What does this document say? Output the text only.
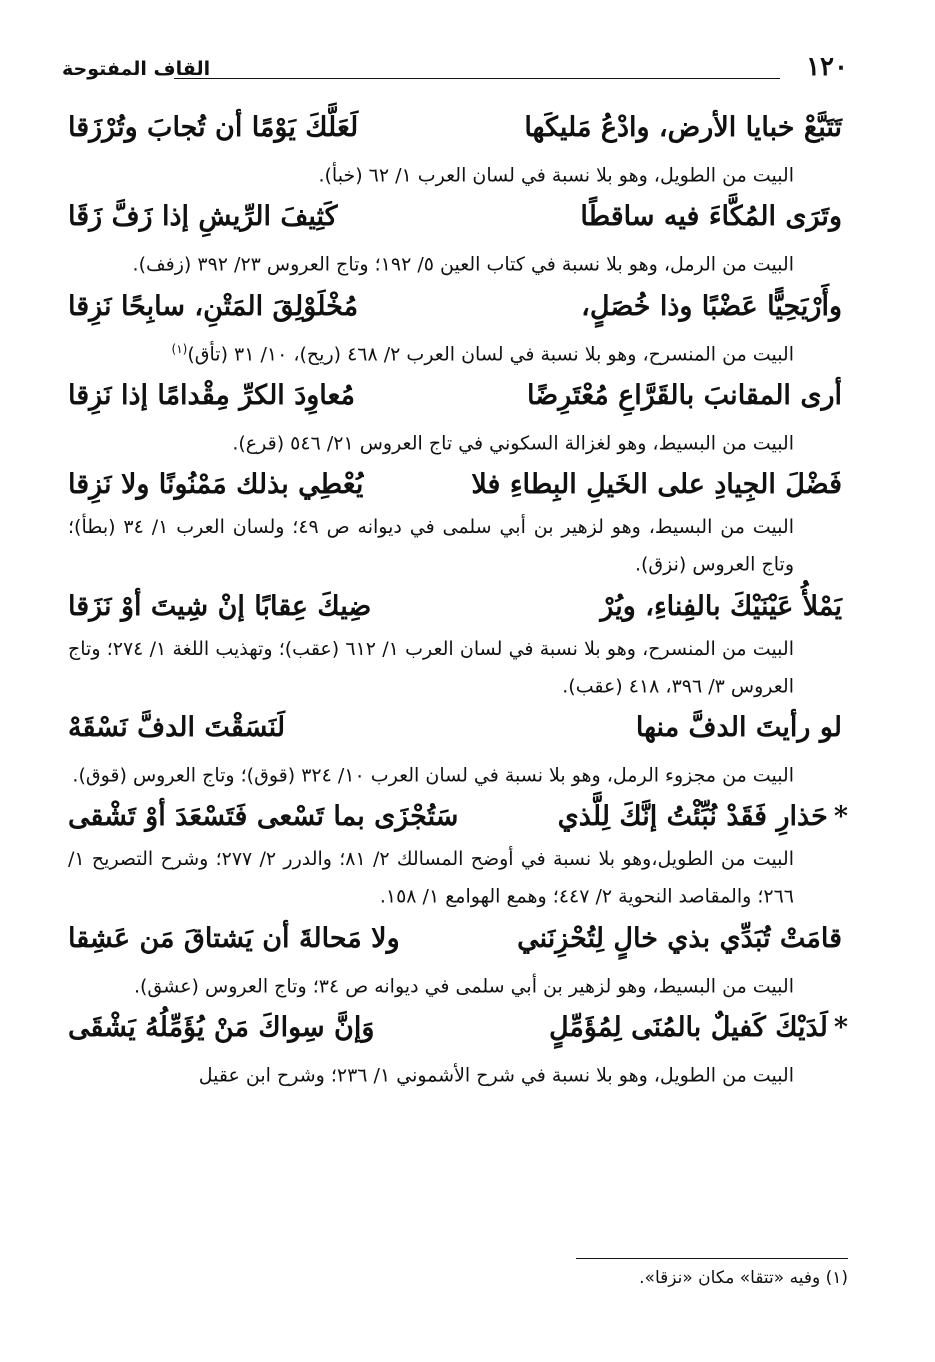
١٢٠
القاف المفتوحة
تَتَبَّعْ خبايا الأرض، وادْعُ مَليكَها
لَعَلَّكَ يَوْمًا أن تُجابَ وتُرْزَقا
البيت من الطويل، وهو بلا نسبة في لسان العرب ١/ ٦٢ (خبأ).
وتَرَى المُكَّاءَ فيه ساقطًا
كَثِيفَ الرِّيشِ إذا زَفَّ زَقَا
البيت من الرمل، وهو بلا نسبة في كتاب العين ٥/ ١٩٢؛ وتاج العروس ٢٣/ ٣٩٢ (زفف).
وأَرْيَحِيًّا عَضْبًا وذا خُصَلٍ،
مُخْلَوْلِقَ المَتْنِ، سابِحًا نَزِقا
البيت من المنسرح، وهو بلا نسبة في لسان العرب ٢/ ٤٦٨ (ريح)، ١٠/ ٣١ (تأق)$^{(١)}$
أرى المقانبَ بالقَرَّاعِ مُعْتَرِضًا
مُعاوِدَ الكرِّ مِقْدامًا إذا نَزِقا
البيت من البسيط، وهو لغزالة السكوني في تاج العروس ٢١/ ٥٤٦ (قرع).
فَضْلَ الجِيادِ على الخَيلِ البِطاءِ فلا
يُعْطِي بذلك مَمْنُونًا ولا نَزِقا
البيت من البسيط، وهو لزهير بن أبي سلمى في ديوانه ص ٤٩؛ ولسان العرب ١/ ٣٤ (بطأ)؛ وتاج العروس (نزق).
يَمْلأُ عَيْنَيْكَ بالفِناءِ، ويُرْ
ضِيكَ عِقابًا إنْ شِيتَ أوْ نَزَقا
البيت من المنسرح، وهو بلا نسبة في لسان العرب ١/ ٦١٢ (عقب)؛ وتهذيب اللغة ١/ ٢٧٤؛ وتاج العروس ٣/ ٣٩٦، ٤١٨ (عقب).
لو رأيتَ الدفَّ منها
لَنَسَقْتَ الدفَّ نَسْقَهْ
البيت من مجزوء الرمل، وهو بلا نسبة في لسان العرب ١٠/ ٣٢٤ (قوق)؛ وتاج العروس (قوق).
*حَذارِ فَقَدْ نُبِّئْتُ إنَّكَ لِلَّذي
سَتُجْزَى بما تَسْعى فَتَسْعَدَ أوْ تَشْقى
البيت من الطويل،وهو بلا نسبة في أوضح المسالك ٢/ ٨١؛ والدرر ٢/ ٢٧٧؛ وشرح التصريح ١/ ٢٦٦؛ والمقاصد النحوية ٢/ ٤٤٧؛ وهمع الهوامع ١/ ١٥٨.
قامَتْ تُبَدِّي بذي خالٍ لِتُحْزِنَني
ولا مَحالةَ أن يَشتاقَ مَن عَشِقا
البيت من البسيط، وهو لزهير بن أبي سلمى في ديوانه ص ٣٤؛ وتاج العروس (عشق).
*لَدَيْكَ كَفيلٌ بالمُنَى لِمُؤَمِّلٍ
وَإنَّ سِواكَ مَنْ يُؤَمِّلُهُ يَشْقَى
البيت من الطويل، وهو بلا نسبة في شرح الأشموني ١/ ٢٣٦؛ وشرح ابن عقيل
(١) وفيه «تتقا» مكان «نزقا».
